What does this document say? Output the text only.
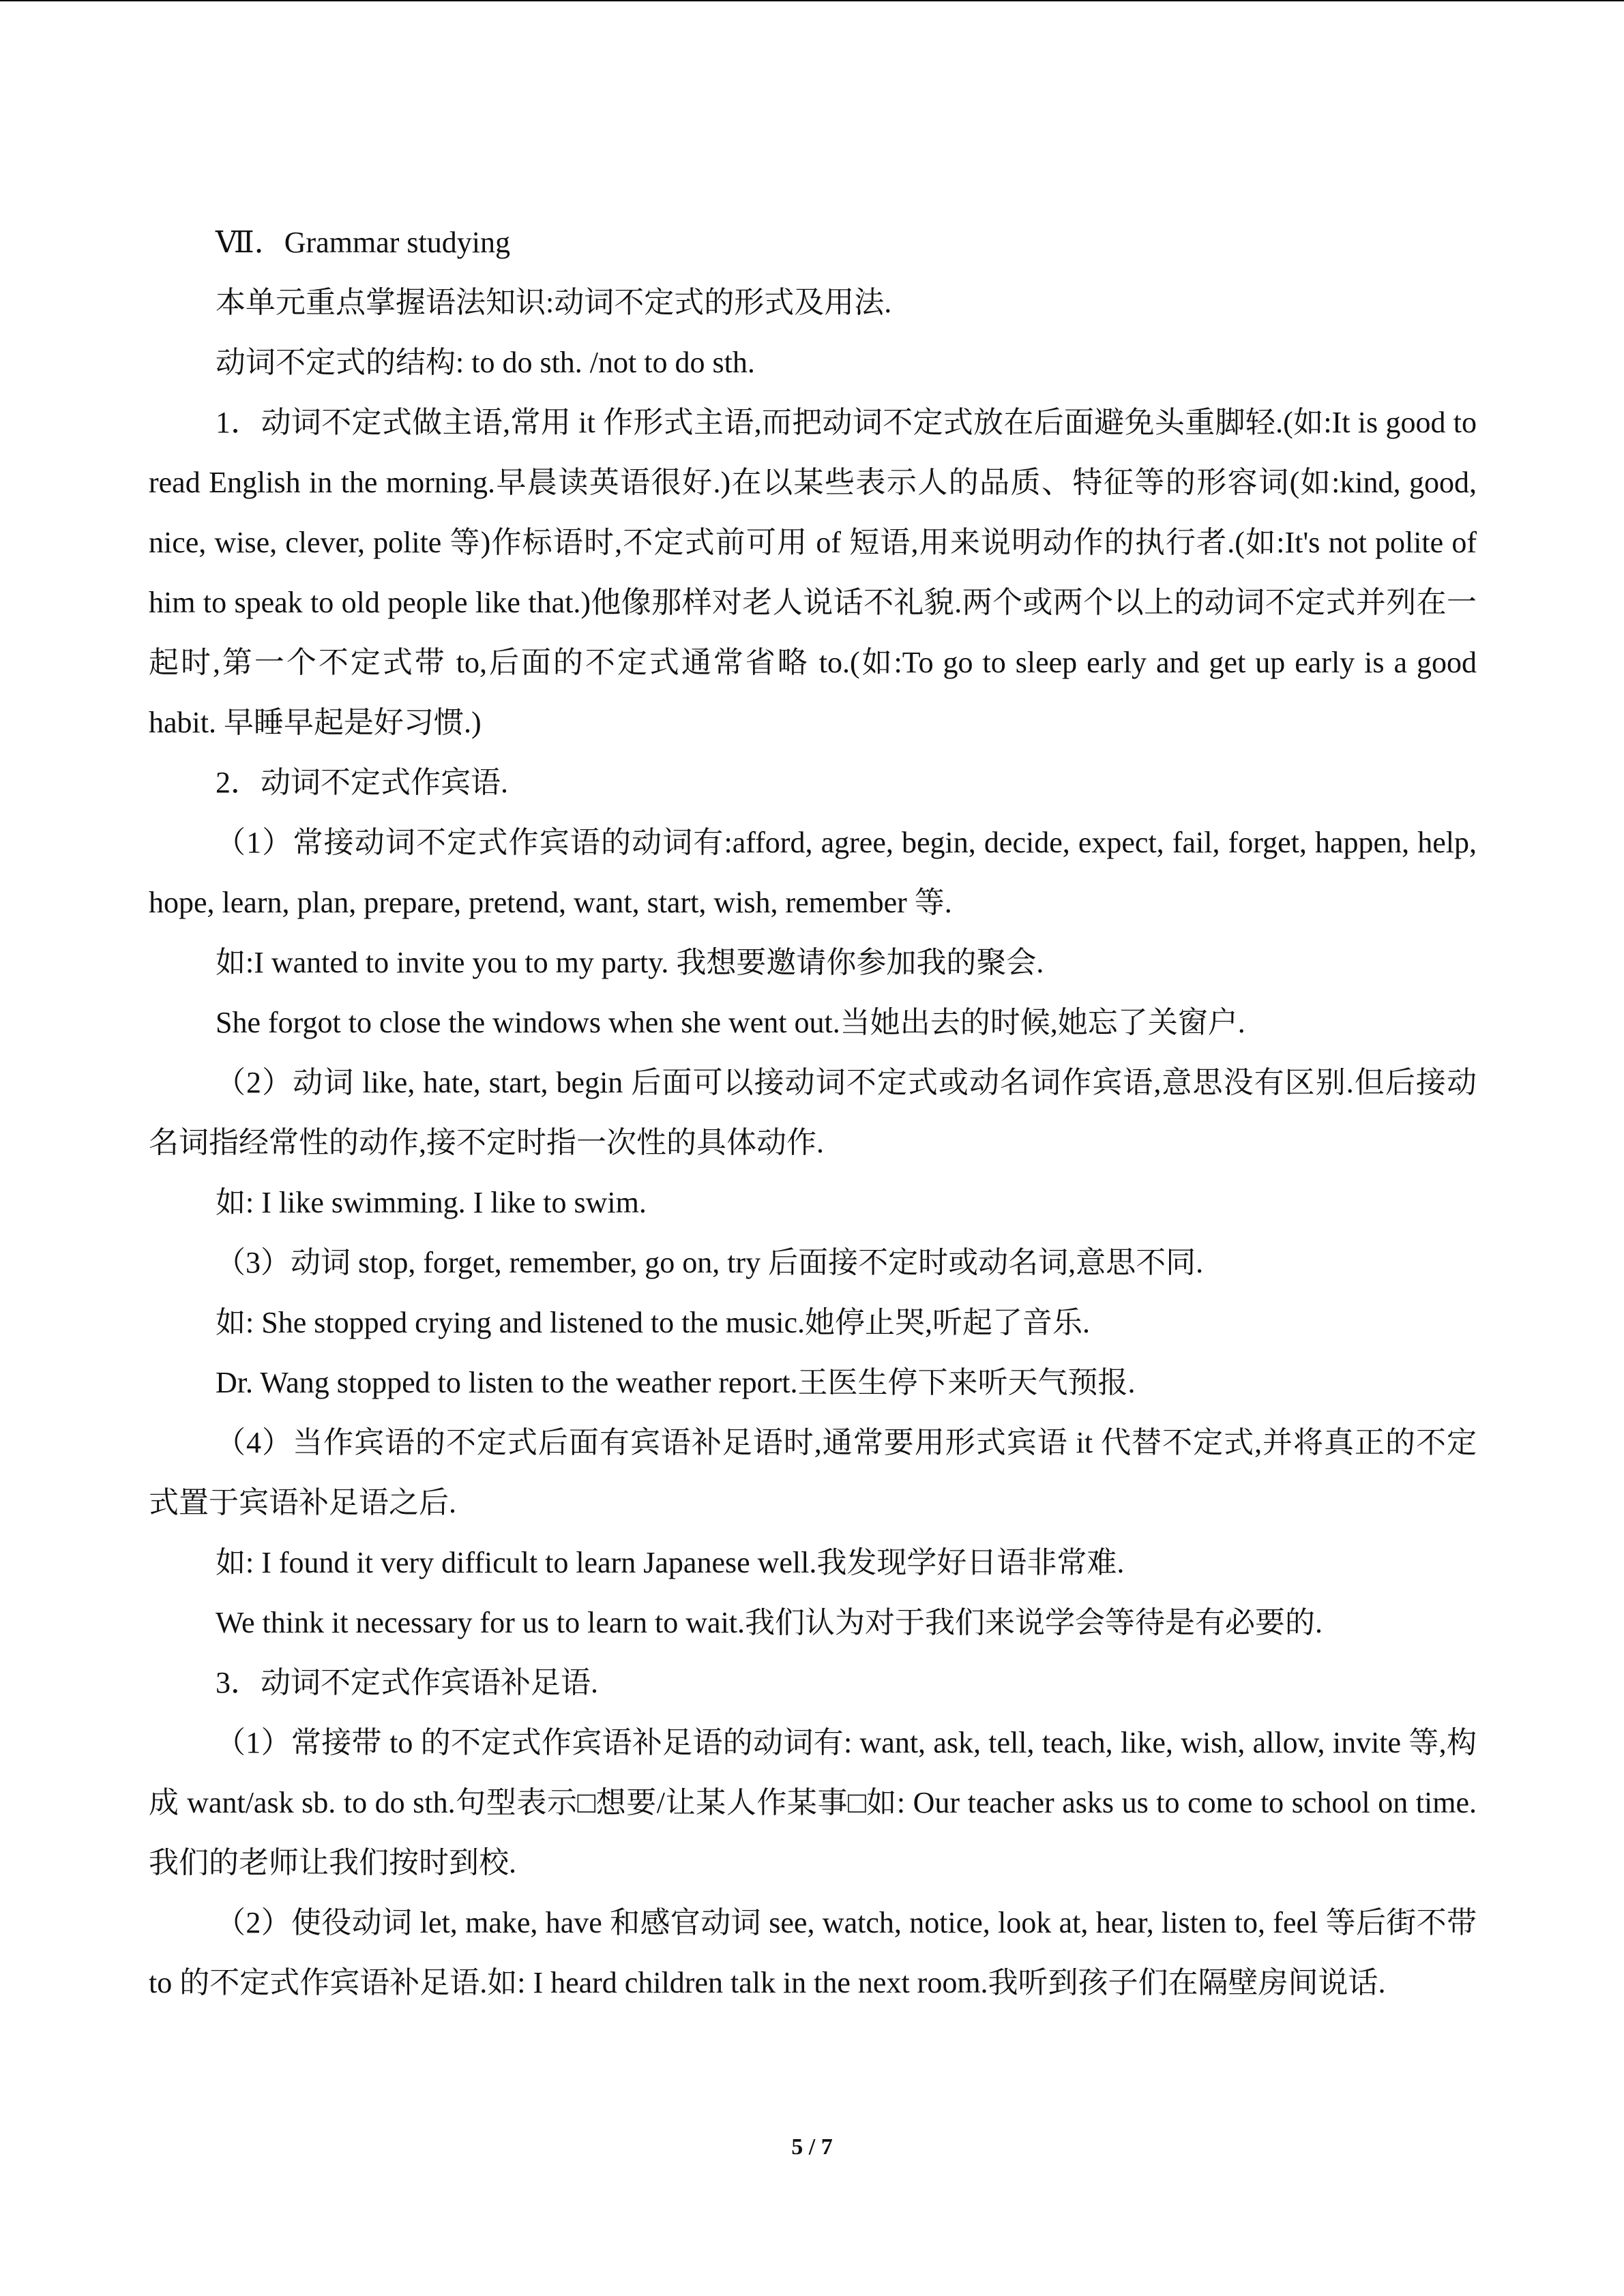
Ⅶ．Grammar studying

本单元重点掌握语法知识:动词不定式的形式及用法.

动词不定式的结构: to do sth. /not to do sth.

1．动词不定式做主语,常用 it 作形式主语,而把动词不定式放在后面避免头重脚轻.(如:It is good to read English in the morning.早晨读英语很好.)在以某些表示人的品质、特征等的形容词(如:kind, good, nice, wise, clever, polite 等)作标语时,不定式前可用 of 短语,用来说明动作的执行者.(如:It's not polite of him to speak to old people like that.)他像那样对老人说话不礼貌.两个或两个以上的动词不定式并列在一起时,第一个不定式带 to,后面的不定式通常省略 to.(如:To go to sleep early and get up early is a good habit. 早睡早起是好习惯.)

2．动词不定式作宾语.

（1）常接动词不定式作宾语的动词有:afford, agree, begin, decide, expect, fail, forget, happen, help, hope, learn, plan, prepare, pretend, want, start, wish, remember 等.

如:I wanted to invite you to my party. 我想要邀请你参加我的聚会.

She forgot to close the windows when she went out.当她出去的时候,她忘了关窗户.

（2）动词 like, hate, start, begin 后面可以接动词不定式或动名词作宾语,意思没有区别.但后接动名词指经常性的动作,接不定时指一次性的具体动作.

如: I like swimming. I like to swim.

（3）动词 stop, forget, remember, go on, try 后面接不定时或动名词,意思不同.

如: She stopped crying and listened to the music.她停止哭,听起了音乐.

Dr. Wang stopped to listen to the weather report.王医生停下来听天气预报.

（4）当作宾语的不定式后面有宾语补足语时,通常要用形式宾语 it 代替不定式,并将真正的不定式置于宾语补足语之后.

如: I found it very difficult to learn Japanese well.我发现学好日语非常难.

We think it necessary for us to learn to wait.我们认为对于我们来说学会等待是有必要的.

3．动词不定式作宾语补足语.

（1）常接带 to 的不定式作宾语补足语的动词有: want, ask, tell, teach, like, wish, allow, invite 等,构成 want/ask sb. to do sth.句型表示□想要/让某人作某事□如: Our teacher asks us to come to school on time.我们的老师让我们按时到校.

（2）使役动词 let, make, have 和感官动词 see, watch, notice, look at, hear, listen to, feel 等后街不带 to 的不定式作宾语补足语.如: I heard children talk in the next room.我听到孩子们在隔壁房间说话.

5 / 7
